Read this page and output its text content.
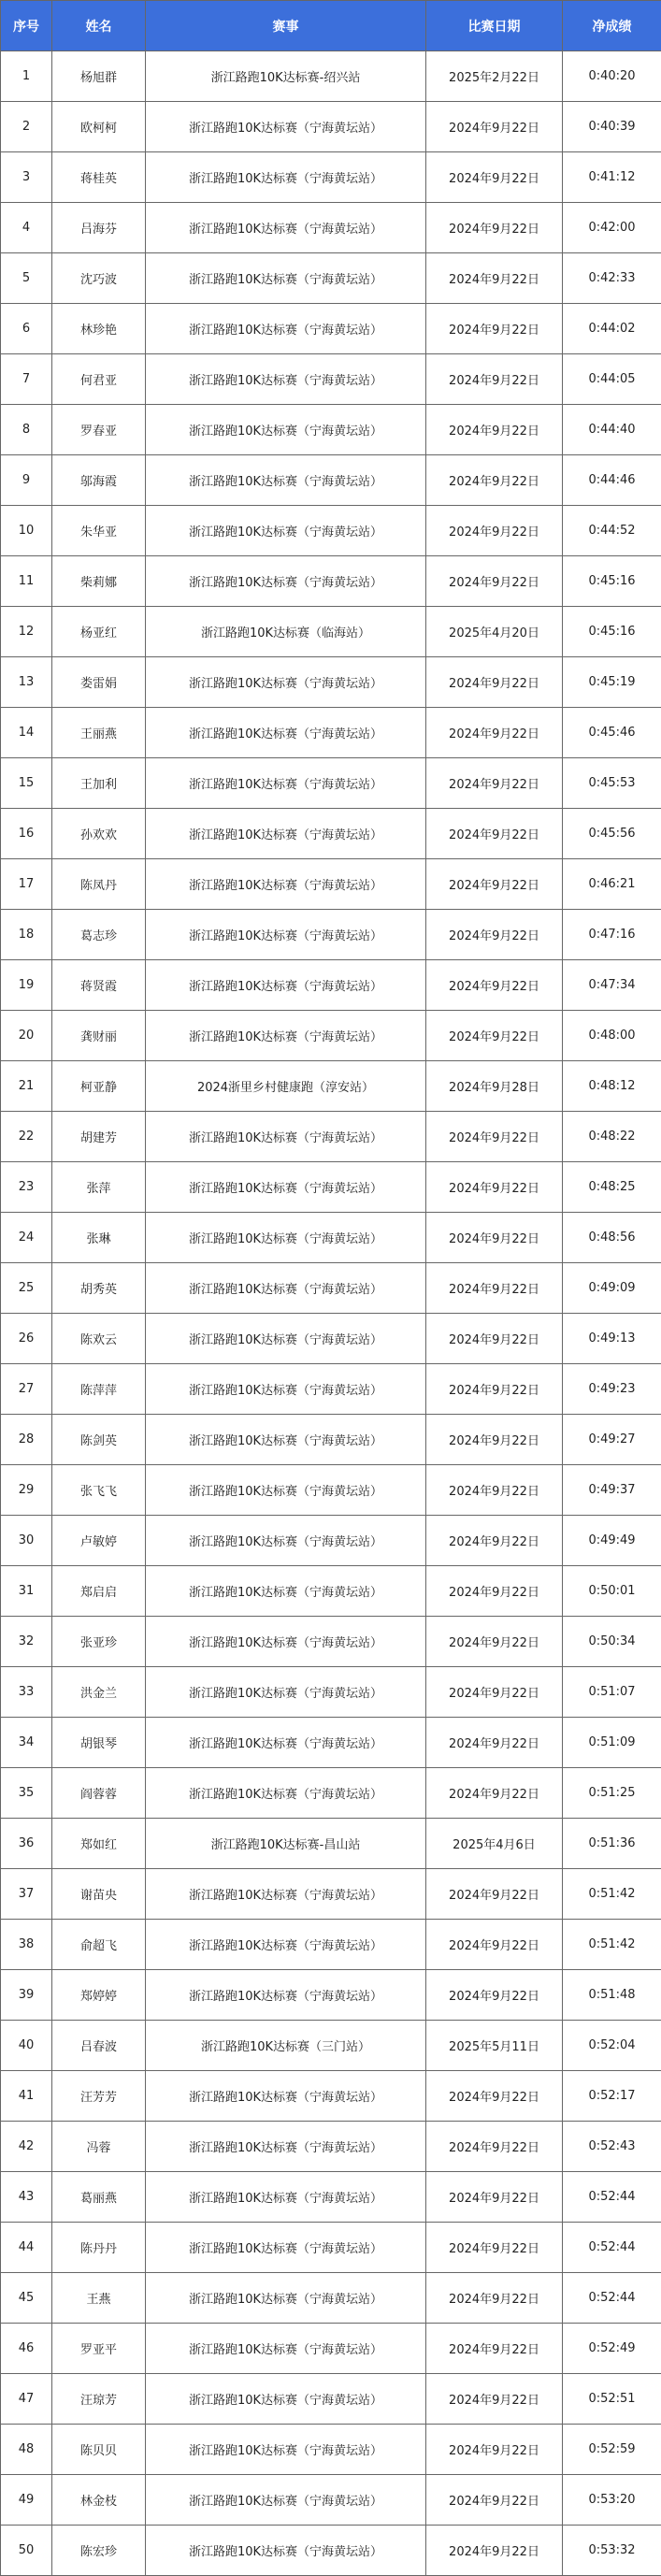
序号	姓名	赛事	比赛日期	净成绩
1	杨旭群	浙江路跑10K达标赛-绍兴站	2025年2月22日	0:40:20
2	欧柯柯	浙江路跑10K达标赛（宁海黄坛站）	2024年9月22日	0:40:39
3	蒋桂英	浙江路跑10K达标赛（宁海黄坛站）	2024年9月22日	0:41:12
4	吕海芬	浙江路跑10K达标赛（宁海黄坛站）	2024年9月22日	0:42:00
5	沈巧波	浙江路跑10K达标赛（宁海黄坛站）	2024年9月22日	0:42:33
6	林珍艳	浙江路跑10K达标赛（宁海黄坛站）	2024年9月22日	0:44:02
7	何君亚	浙江路跑10K达标赛（宁海黄坛站）	2024年9月22日	0:44:05
8	罗春亚	浙江路跑10K达标赛（宁海黄坛站）	2024年9月22日	0:44:40
9	邬海霞	浙江路跑10K达标赛（宁海黄坛站）	2024年9月22日	0:44:46
10	朱华亚	浙江路跑10K达标赛（宁海黄坛站）	2024年9月22日	0:44:52
11	柴莉娜	浙江路跑10K达标赛（宁海黄坛站）	2024年9月22日	0:45:16
12	杨亚红	浙江路跑10K达标赛（临海站）	2025年4月20日	0:45:16
13	娄雷娟	浙江路跑10K达标赛（宁海黄坛站）	2024年9月22日	0:45:19
14	王丽燕	浙江路跑10K达标赛（宁海黄坛站）	2024年9月22日	0:45:46
15	王加利	浙江路跑10K达标赛（宁海黄坛站）	2024年9月22日	0:45:53
16	孙欢欢	浙江路跑10K达标赛（宁海黄坛站）	2024年9月22日	0:45:56
17	陈凤丹	浙江路跑10K达标赛（宁海黄坛站）	2024年9月22日	0:46:21
18	葛志珍	浙江路跑10K达标赛（宁海黄坛站）	2024年9月22日	0:47:16
19	蒋贤霞	浙江路跑10K达标赛（宁海黄坛站）	2024年9月22日	0:47:34
20	龚财丽	浙江路跑10K达标赛（宁海黄坛站）	2024年9月22日	0:48:00
21	柯亚静	2024浙里乡村健康跑（淳安站）	2024年9月28日	0:48:12
22	胡建芳	浙江路跑10K达标赛（宁海黄坛站）	2024年9月22日	0:48:22
23	张萍	浙江路跑10K达标赛（宁海黄坛站）	2024年9月22日	0:48:25
24	张琳	浙江路跑10K达标赛（宁海黄坛站）	2024年9月22日	0:48:56
25	胡秀英	浙江路跑10K达标赛（宁海黄坛站）	2024年9月22日	0:49:09
26	陈欢云	浙江路跑10K达标赛（宁海黄坛站）	2024年9月22日	0:49:13
27	陈萍萍	浙江路跑10K达标赛（宁海黄坛站）	2024年9月22日	0:49:23
28	陈剑英	浙江路跑10K达标赛（宁海黄坛站）	2024年9月22日	0:49:27
29	张飞飞	浙江路跑10K达标赛（宁海黄坛站）	2024年9月22日	0:49:37
30	卢敏婷	浙江路跑10K达标赛（宁海黄坛站）	2024年9月22日	0:49:49
31	郑启启	浙江路跑10K达标赛（宁海黄坛站）	2024年9月22日	0:50:01
32	张亚珍	浙江路跑10K达标赛（宁海黄坛站）	2024年9月22日	0:50:34
33	洪金兰	浙江路跑10K达标赛（宁海黄坛站）	2024年9月22日	0:51:07
34	胡银琴	浙江路跑10K达标赛（宁海黄坛站）	2024年9月22日	0:51:09
35	阎蓉蓉	浙江路跑10K达标赛（宁海黄坛站）	2024年9月22日	0:51:25
36	郑如红	浙江路跑10K达标赛-昌山站	2025年4月6日	0:51:36
37	谢苗央	浙江路跑10K达标赛（宁海黄坛站）	2024年9月22日	0:51:42
38	俞超飞	浙江路跑10K达标赛（宁海黄坛站）	2024年9月22日	0:51:42
39	郑婷婷	浙江路跑10K达标赛（宁海黄坛站）	2024年9月22日	0:51:48
40	吕春波	浙江路跑10K达标赛（三门站）	2025年5月11日	0:52:04
41	汪芳芳	浙江路跑10K达标赛（宁海黄坛站）	2024年9月22日	0:52:17
42	冯蓉	浙江路跑10K达标赛（宁海黄坛站）	2024年9月22日	0:52:43
43	葛丽燕	浙江路跑10K达标赛（宁海黄坛站）	2024年9月22日	0:52:44
44	陈丹丹	浙江路跑10K达标赛（宁海黄坛站）	2024年9月22日	0:52:44
45	王燕	浙江路跑10K达标赛（宁海黄坛站）	2024年9月22日	0:52:44
46	罗亚平	浙江路跑10K达标赛（宁海黄坛站）	2024年9月22日	0:52:49
47	汪琼芳	浙江路跑10K达标赛（宁海黄坛站）	2024年9月22日	0:52:51
48	陈贝贝	浙江路跑10K达标赛（宁海黄坛站）	2024年9月22日	0:52:59
49	林金枝	浙江路跑10K达标赛（宁海黄坛站）	2024年9月22日	0:53:20
50	陈宏珍	浙江路跑10K达标赛（宁海黄坛站）	2024年9月22日	0:53:32
